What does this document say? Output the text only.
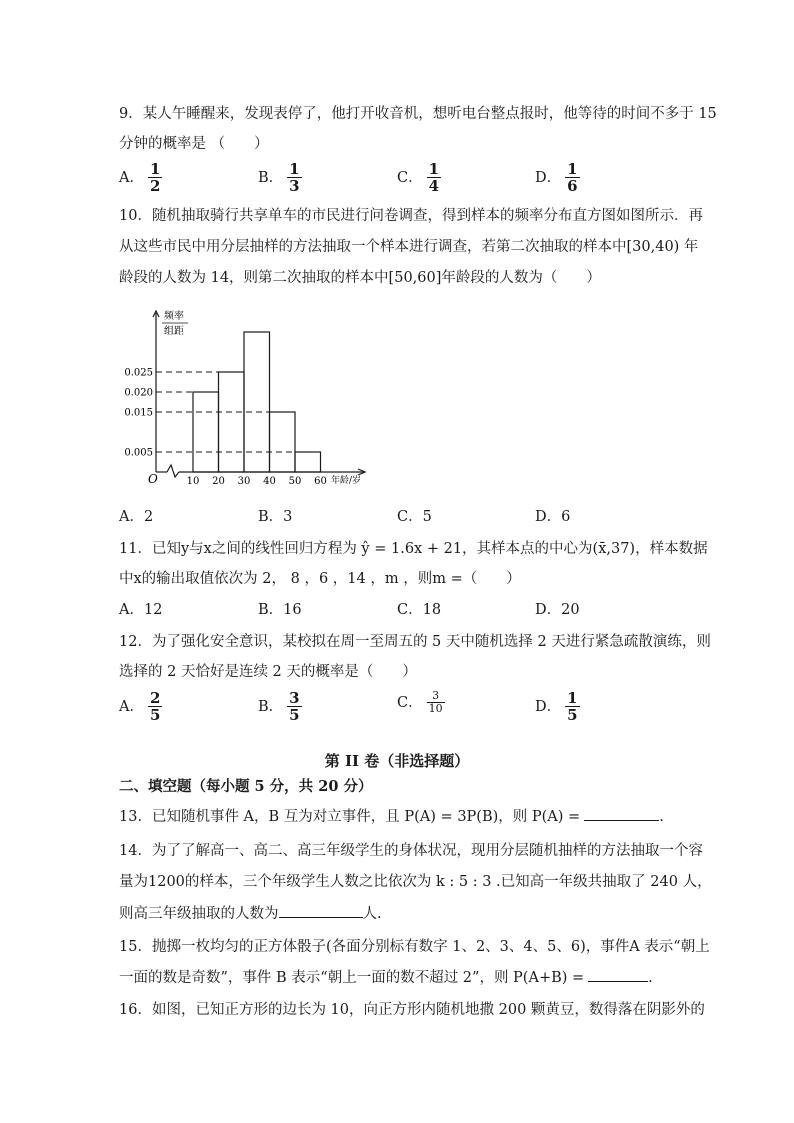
9．某人午睡醒来，发现表停了，他打开收音机，想听电台整点报时，他等待的时间不多于 15
分钟的概率是 （　　）
A． $\frac{1}{2}$	B． $\frac{1}{3}$	C． $\frac{1}{4}$	D． $\frac{1}{6}$
10．随机抽取骑行共享单车的市民进行问卷调查，得到样本的频率分布直方图如图所示．再
从这些市民中用分层抽样的方法抽取一个样本进行调查，若第二次抽取的样本中[30,40) 年
龄段的人数为 14，则第二次抽取的样本中[50,60]年龄段的人数为（　　）
0.005
0.015
0.020
0.025
10 20 30 40 50 60
频率
组距
O	年龄/岁
A．2	B．3	C．5	D．6
11．已知y与x之间的线性回归方程为 ŷ = 1.6x + 21，其样本点的中心为(x̄,37)，样本数据
中x的输出取值依次为 2， 8 ，6 ，14 ，m ，则m =（　　）
A．12	B．16	C．18	D．20
12．为了强化安全意识，某校拟在周一至周五的 5 天中随机选择 2 天进行紧急疏散演练，则
选择的 2 天恰好是连续 2 天的概率是（　　）
A． $\frac{2}{5}$	B． $\frac{3}{5}$	C． $\frac{3}{10}$	D． $\frac{1}{5}$
第 II 卷（非选择题）
二、填空题（每小题 5 分，共 20 分）
13．已知随机事件 A，B 互为对立事件，且 P(A) = 3P(B)，则 P(A) =	.
14．为了了解高一、高二、高三年级学生的身体状况，现用分层随机抽样的方法抽取一个容
量为1200的样本，三个年级学生人数之比依次为 k : 5 : 3 .已知高一年级共抽取了 240 人，
则高三年级抽取的人数为	人.
15．抛掷一枚均匀的正方体骰子(各面分别标有数字 1、2、3、4、5、6)，事件A 表示“朝上
一面的数是奇数”，事件 B 表示“朝上一面的数不超过 2”，则 P(A+B) =	.
16．如图，已知正方形的边长为 10，向正方形内随机地撒 200 颗黄豆，数得落在阴影外的
